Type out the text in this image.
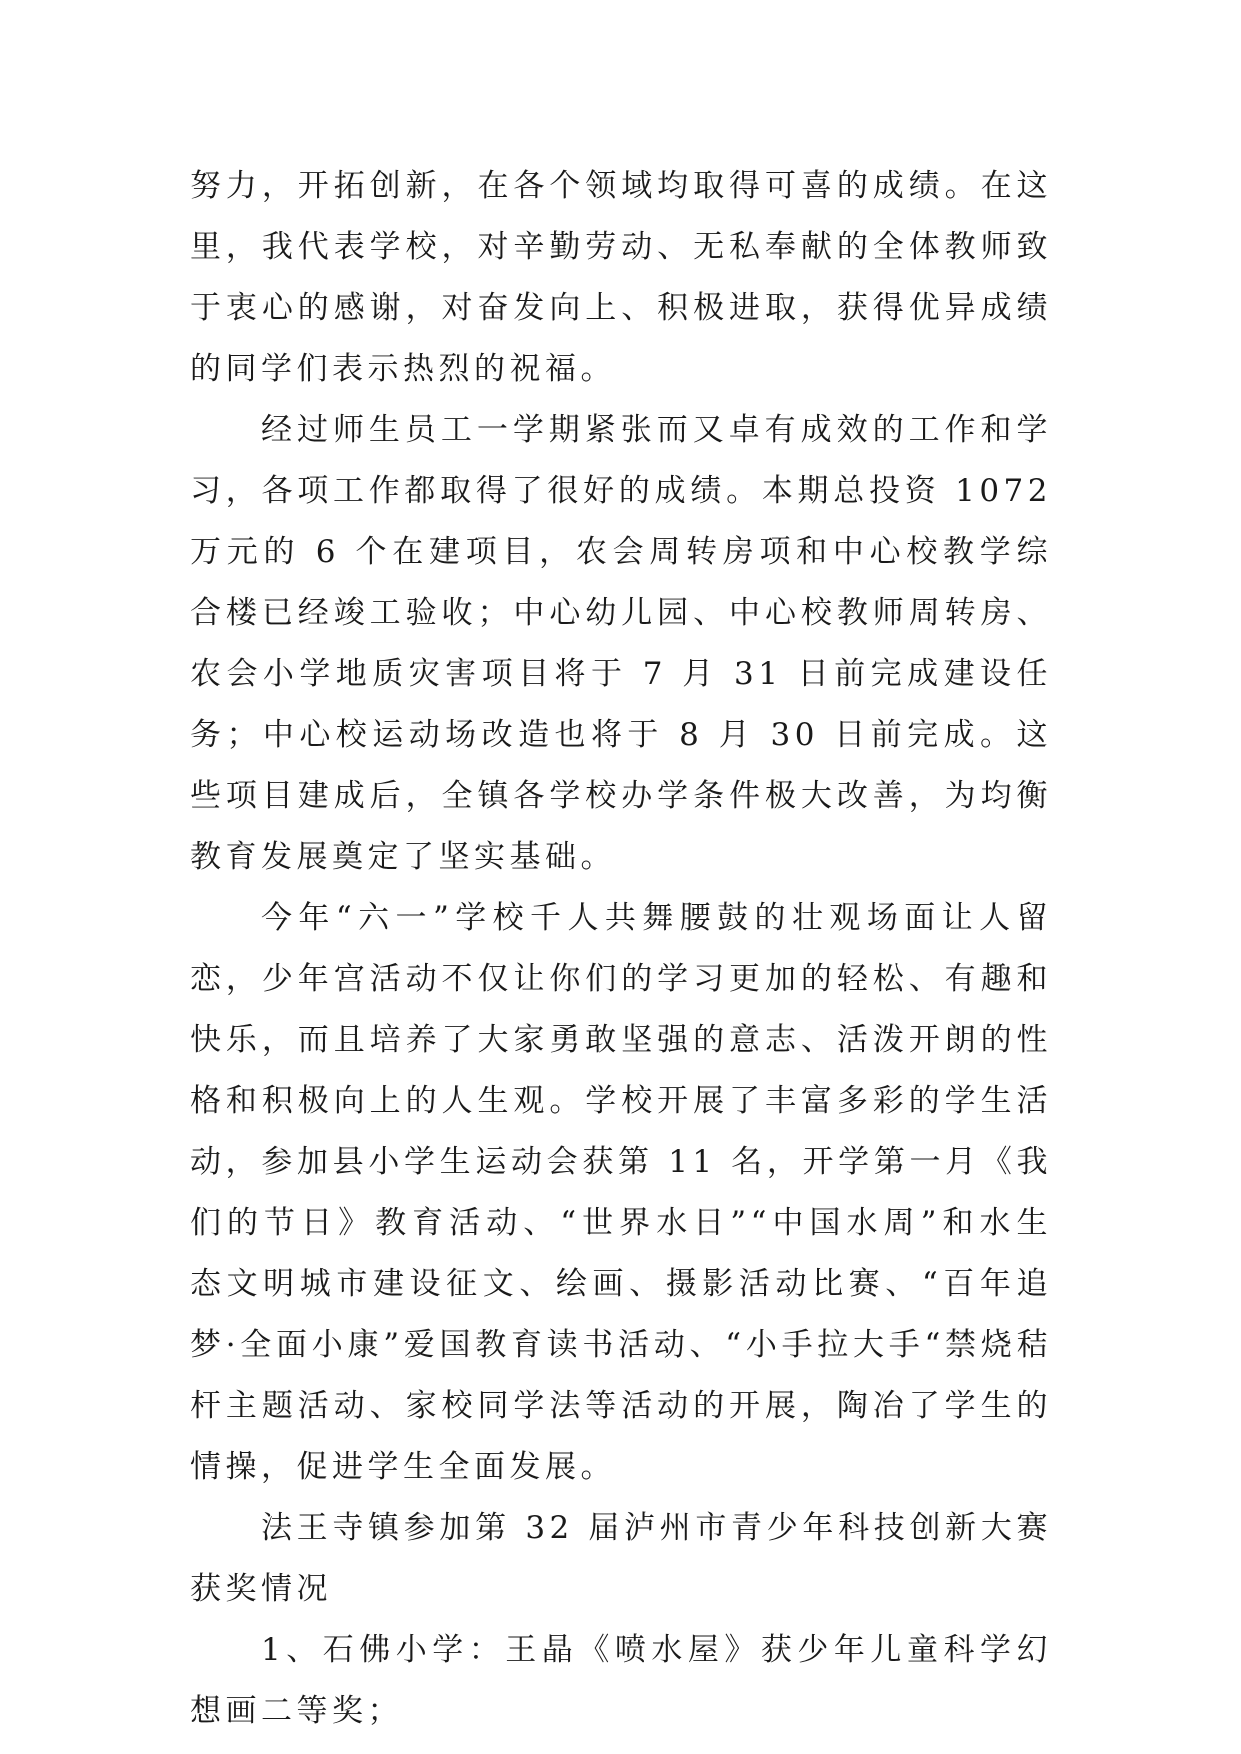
努力，开拓创新，在各个领域均取得可喜的成绩。在这里，我代表学校，对辛勤劳动、无私奉献的全体教师致于衷心的感谢，对奋发向上、积极进取，获得优异成绩的同学们表示热烈的祝福。

经过师生员工一学期紧张而又卓有成效的工作和学习，各项工作都取得了很好的成绩。本期总投资 1072 万元的 6 个在建项目，农会周转房项和中心校教学综合楼已经竣工验收；中心幼儿园、中心校教师周转房、农会小学地质灾害项目将于 7 月 31 日前完成建设任务；中心校运动场改造也将于 8 月 30 日前完成。这些项目建成后，全镇各学校办学条件极大改善，为均衡教育发展奠定了坚实基础。

今年“六一”学校千人共舞腰鼓的壮观场面让人留恋，少年宫活动不仅让你们的学习更加的轻松、有趣和快乐，而且培养了大家勇敢坚强的意志、活泼开朗的性格和积极向上的人生观。学校开展了丰富多彩的学生活动，参加县小学生运动会获第 11 名，开学第一月《我们的节日》教育活动、“世界水日”“中国水周”和水生态文明城市建设征文、绘画、摄影活动比赛、“百年追梦·全面小康”爱国教育读书活动、“小手拉大手“禁烧秸杆主题活动、家校同学法等活动的开展，陶冶了学生的情操，促进学生全面发展。

法王寺镇参加第 32 届泸州市青少年科技创新大赛获奖情况

1、石佛小学：王晶《喷水屋》获少年儿童科学幻想画二等奖；
